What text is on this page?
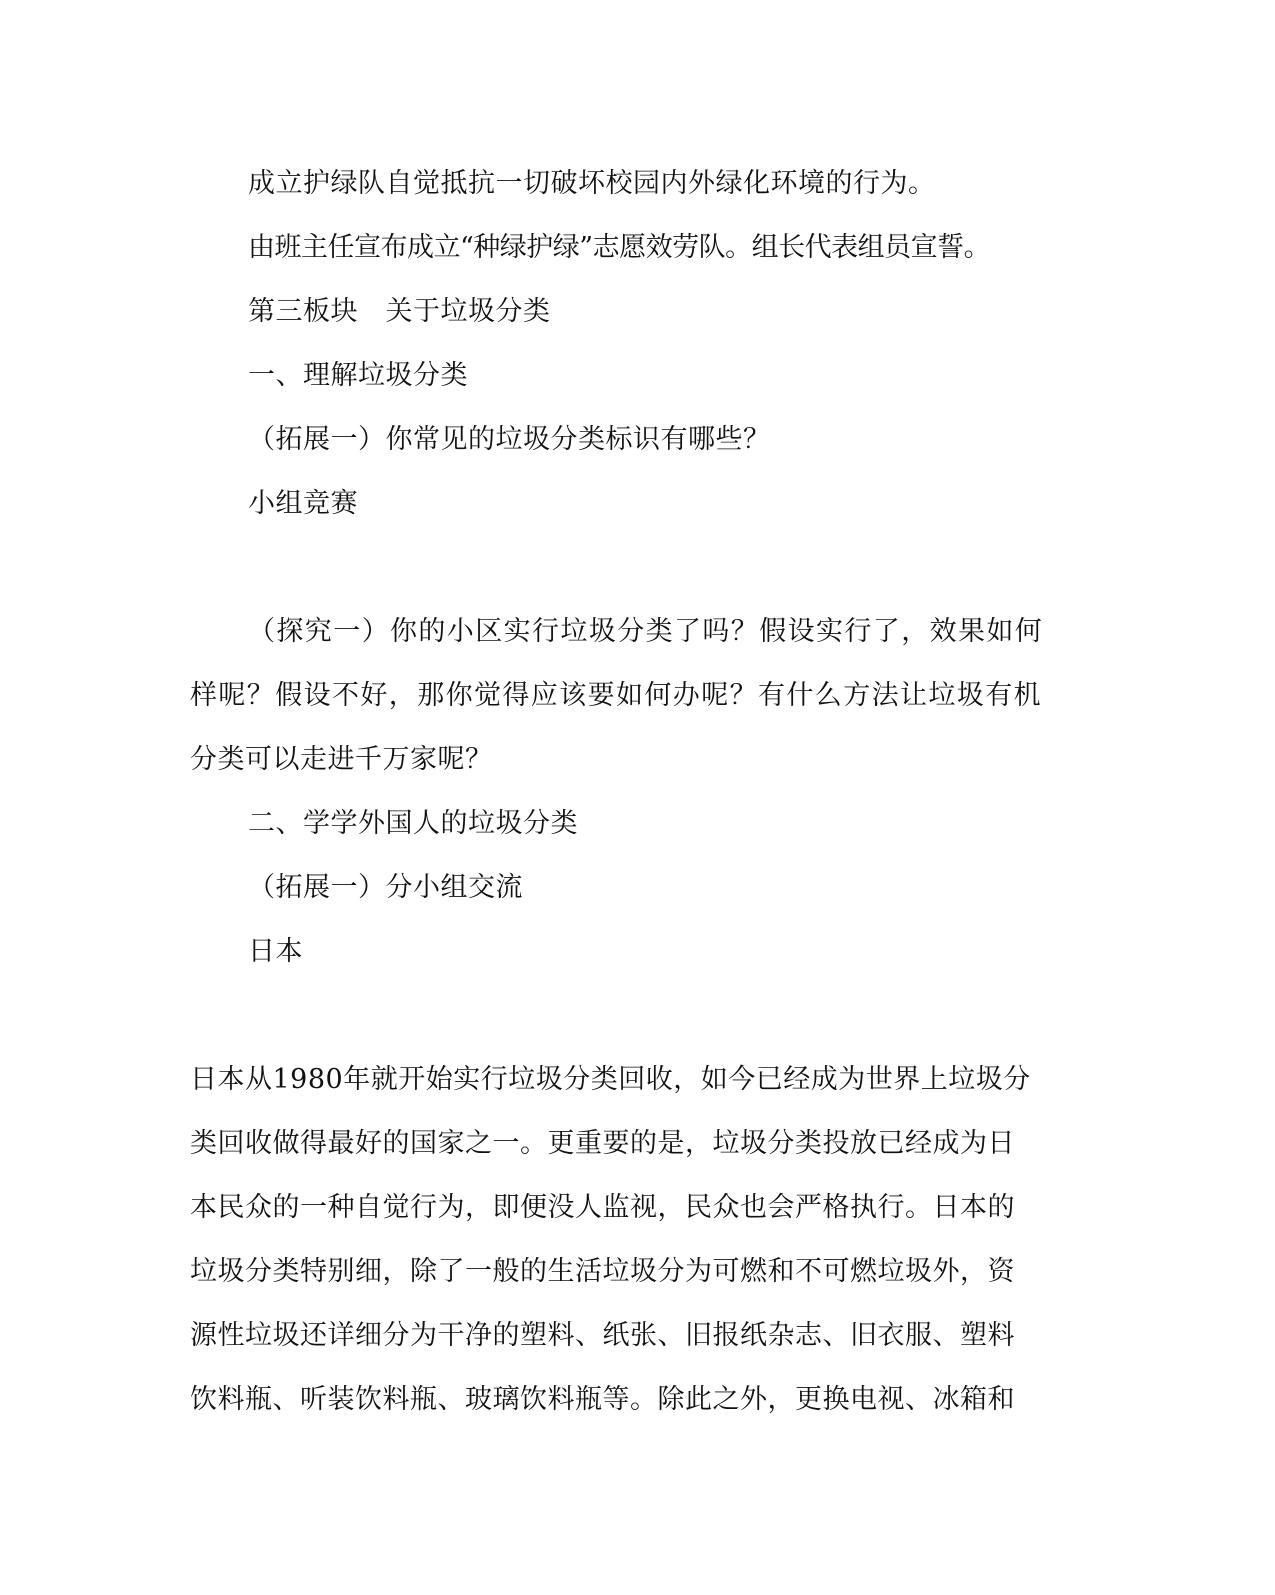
成立护绿队自觉抵抗一切破坏校园内外绿化环境的行为。
由班主任宣布成立“种绿护绿”志愿效劳队。组长代表组员宣誓。
第三板块　关于垃圾分类
一、理解垃圾分类
（拓展一）你常见的垃圾分类标识有哪些？
小组竞赛
（探究一）你的小区实行垃圾分类了吗？假设实行了，效果如何
样呢？假设不好，那你觉得应该要如何办呢？有什么方法让垃圾有机
分类可以走进千万家呢？
二、学学外国人的垃圾分类
（拓展一）分小组交流
日本
日本从1980年就开始实行垃圾分类回收，如今已经成为世界上垃圾分
类回收做得最好的国家之一。更重要的是，垃圾分类投放已经成为日
本民众的一种自觉行为，即便没人监视，民众也会严格执行。日本的
垃圾分类特别细，除了一般的生活垃圾分为可燃和不可燃垃圾外，资
源性垃圾还详细分为干净的塑料、纸张、旧报纸杂志、旧衣服、塑料
饮料瓶、听装饮料瓶、玻璃饮料瓶等。除此之外，更换电视、冰箱和
